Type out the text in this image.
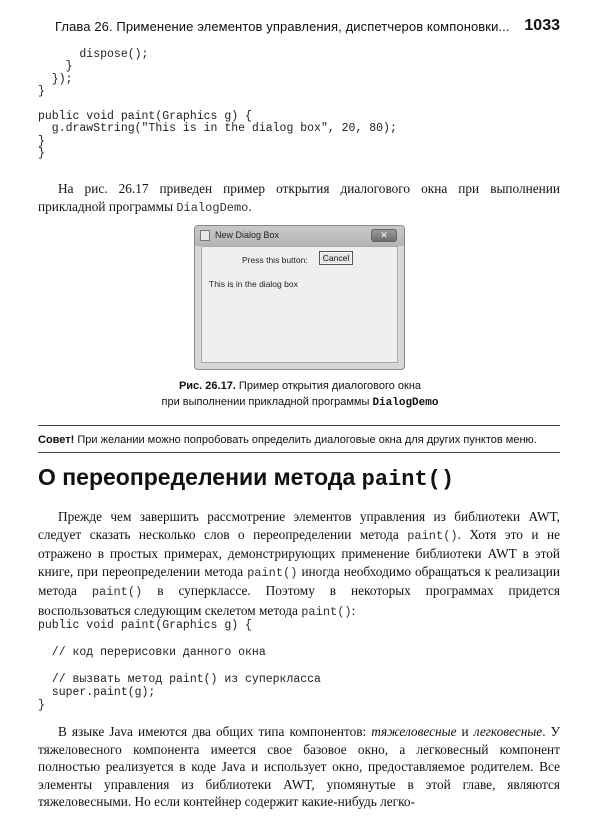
Глава 26. Применение элементов управления, диспетчеров компоновки... 1033
dispose();
}
});
}

public void paint(Graphics g) {
g.drawString("This is in the dialog box", 20, 80);
}
}

На рис. 26.17 приведен пример открытия диалогового окна при выполнении прикладной программы DialogDemo.

New Dialog Box	✕
Press this button:	Cancel
This is in the dialog box
Рис. 26.17. Пример открытия диалогового окна
при выполнении прикладной программы DialogDemo
Совет! При желании можно попробовать определить диалоговые окна для других пунктов меню.
О переопределении метода paint()

Прежде чем завершить рассмотрение элементов управления из библиотеки AWT, следует сказать несколько слов о переопределении метода paint(). Хотя это и не отражено в простых примерах, демонстрирующих применение библиотеки AWT в этой книге, при переопределении метода paint() иногда необходимо обращаться к реализации метода paint() в суперклассе. Поэтому в некоторых программах придется воспользоваться следующим скелетом метода paint():

public void paint(Graphics g) {

// код перерисовки данного окна

// вызвать метод paint() из суперкласса
super.paint(g);
}

В языке Java имеются два общих типа компонентов: тяжеловесные и легковесные. У тяжеловесного компонента имеется свое базовое окно, а легковесный компонент полностью реализуется в коде Java и использует окно, предоставляемое родителем. Все элементы управления из библиотеки AWT, упомянутые в этой главе, являются тяжеловесными. Но если контейнер содержит какие-нибудь легко-
